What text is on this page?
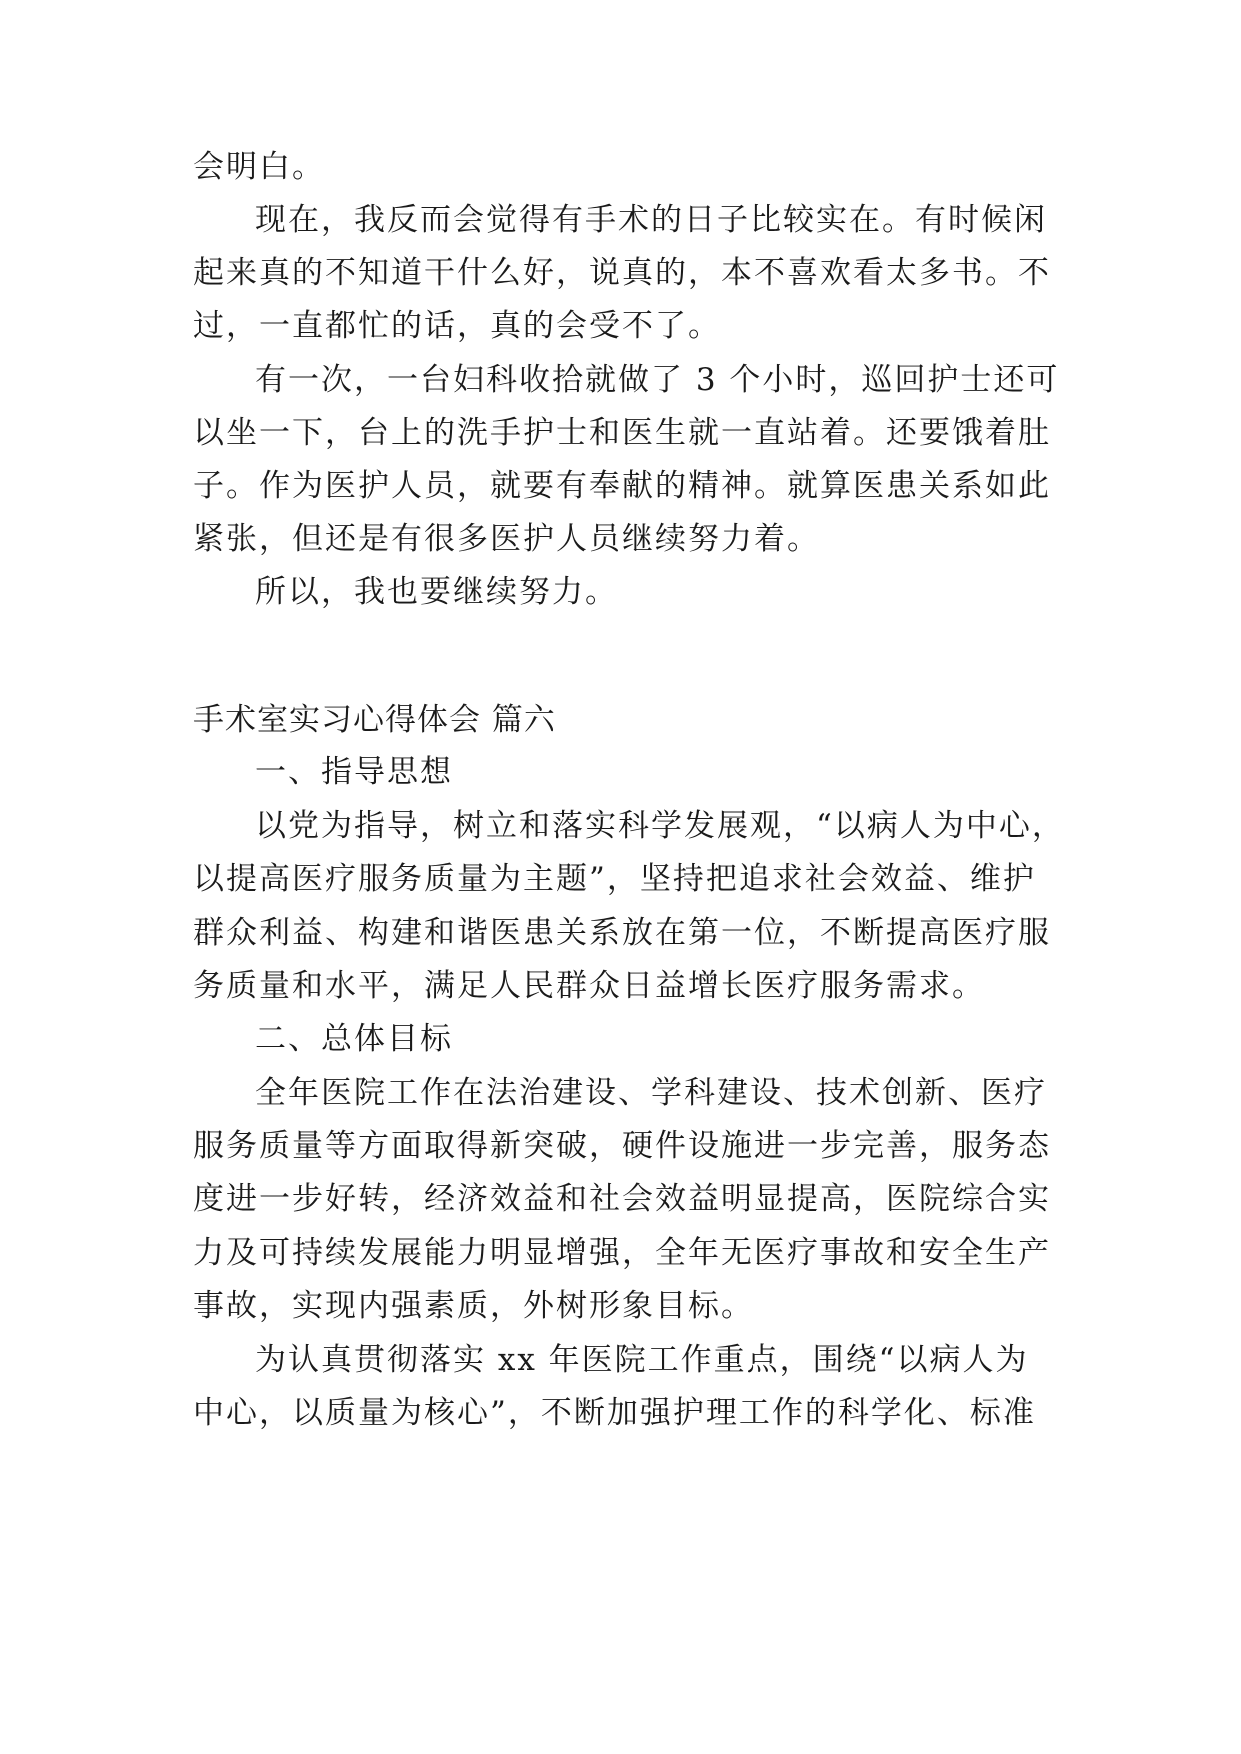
会明白。
现在，我反而会觉得有手术的日子比较实在。有时候闲
起来真的不知道干什么好，说真的，本不喜欢看太多书。不
过，一直都忙的话，真的会受不了。
有一次，一台妇科收拾就做了 3 个小时，巡回护士还可
以坐一下，台上的洗手护士和医生就一直站着。还要饿着肚
子。作为医护人员，就要有奉献的精神。就算医患关系如此
紧张，但还是有很多医护人员继续努力着。
所以，我也要继续努力。
手术室实习心得体会 篇六
一、指导思想
以党为指导，树立和落实科学发展观，“以病人为中心，
以提高医疗服务质量为主题”，坚持把追求社会效益、维护
群众利益、构建和谐医患关系放在第一位，不断提高医疗服
务质量和水平，满足人民群众日益增长医疗服务需求。
二、总体目标
全年医院工作在法治建设、学科建设、技术创新、医疗
服务质量等方面取得新突破，硬件设施进一步完善，服务态
度进一步好转，经济效益和社会效益明显提高，医院综合实
力及可持续发展能力明显增强，全年无医疗事故和安全生产
事故，实现内强素质，外树形象目标。
为认真贯彻落实 xx 年医院工作重点，围绕“以病人为
中心，以质量为核心”，不断加强护理工作的科学化、标准
